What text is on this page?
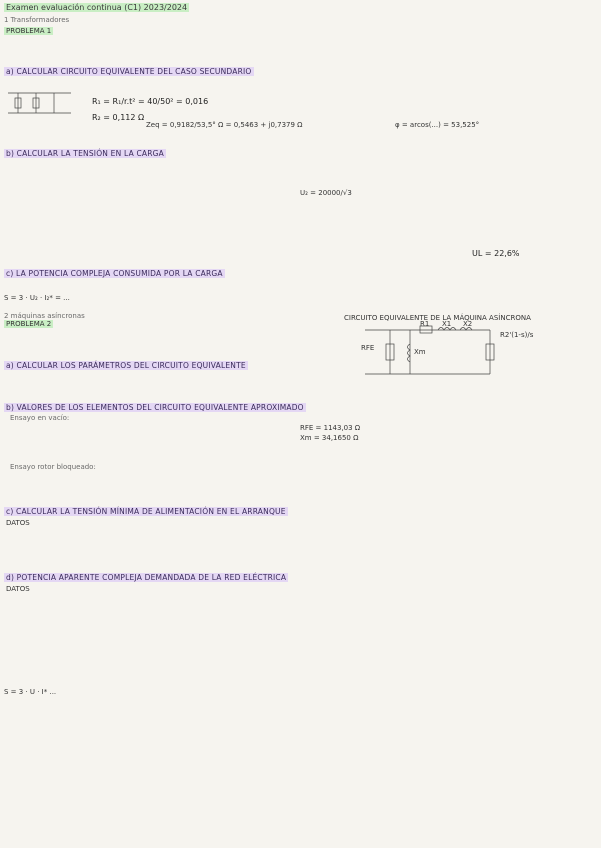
Examen evaluación continua (C1) 2023/2024
1 Transformadores
PROBLEMA 1
a) CALCULAR CIRCUITO EQUIVALENTE DEL CASO SECUNDARIO
R₁ = R₁/r.t² = 40/50² = 0,016
R₂ = 0,112 Ω
Zeq = 0,9182/53,5° Ω = 0,5463 + j0,7379 Ω	φ = arcos(...) = 53,525°
b) CALCULAR LA TENSIÓN EN LA CARGA
U₂ = 20000/√3
UL = 22,6%
c) LA POTENCIA COMPLEJA CONSUMIDA POR LA CARGA
S = 3 · U₂ · I₂* = ...
2 máquinas asíncronas
PROBLEMA 2
CIRCUITO EQUIVALENTE DE LA MÁQUINA ASÍNCRONA
RFE	Xm
R1 X1 X2
R2'(1-s)/s
a) CALCULAR LOS PARÁMETROS DEL CIRCUITO EQUIVALENTE
b) VALORES DE LOS ELEMENTOS DEL CIRCUITO EQUIVALENTE APROXIMADO
Ensayo en vacío:
RFE = 1143,03 Ω
Xm = 34,1650 Ω
Ensayo rotor bloqueado:
c) CALCULAR LA TENSIÓN MÍNIMA DE ALIMENTACIÓN EN EL ARRANQUE
DATOS
d) POTENCIA APARENTE COMPLEJA DEMANDADA DE LA RED ELÉCTRICA
DATOS
S = 3 · U · I* ...
